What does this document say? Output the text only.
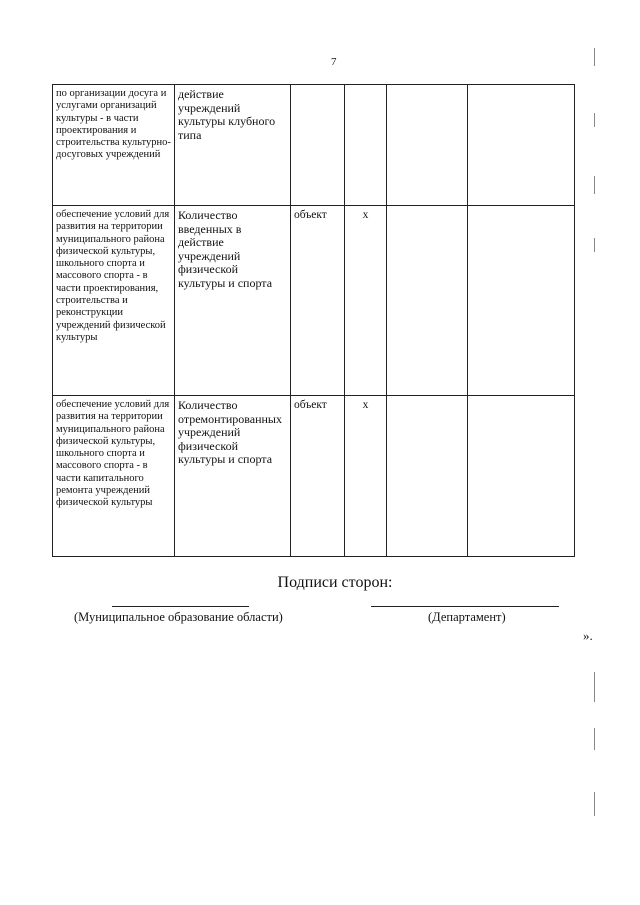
7
по организации досуга и услугами организаций культуры - в части проектирования и строительства культурно-досуговых учреждений	действие учреждений культуры клубного типа				
обеспечение условий для развития на территории муниципального района физической культуры, школьного спорта и массового спорта - в части проектирования, строительства и реконструкции учреждений физической культуры	Количество введенных в действие учреждений физической культуры и спорта	объект	х		
обеспечение условий для развития на территории муниципального района физической культуры, школьного спорта и массового спорта - в части капитального ремонта учреждений физической культуры	Количество отремонтированных учреждений физической культуры и спорта	объект	х		
Подписи сторон:
(Муниципальное образование области)	(Департамент)
».
